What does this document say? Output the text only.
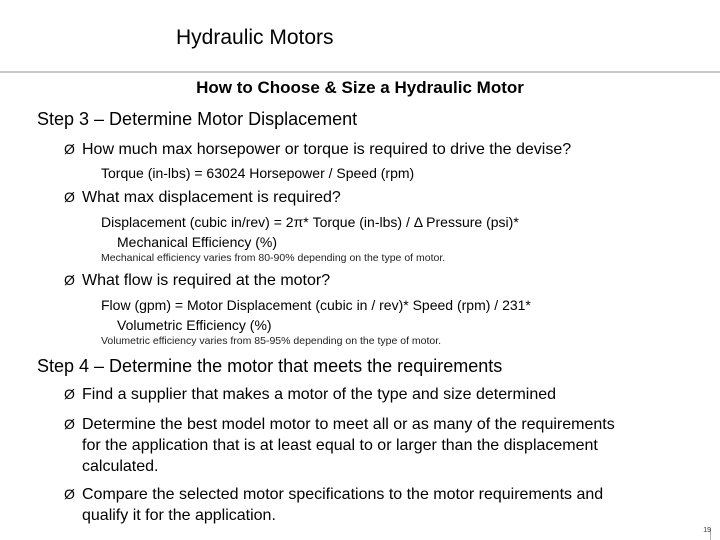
Hydraulic Motors
How to Choose & Size a Hydraulic Motor
Step 3 – Determine Motor Displacement
Ø How much max horsepower or torque is required to drive the devise?
Torque (in-lbs) = 63024 Horsepower / Speed (rpm)
Ø What max displacement is required?
Displacement (cubic in/rev) = 2π* Torque (in-lbs) / Δ Pressure (psi)*
Mechanical Efficiency (%)
Mechanical efficiency varies from 80-90% depending on the type of motor.
Ø What flow is required at the motor?
Flow (gpm) = Motor Displacement (cubic in / rev)* Speed (rpm) / 231*
Volumetric Efficiency (%)
Volumetric efficiency varies from 85-95% depending on the type of motor.
Step 4 – Determine the motor that meets the requirements
Ø Find a supplier that makes a motor of the type and size determined
Ø Determine the best model motor to meet all or as many of the requirements
for the application that is at least equal to or larger than the displacement
calculated.
Ø Compare the selected motor specifications to the motor requirements and
qualify it for the application.
19
